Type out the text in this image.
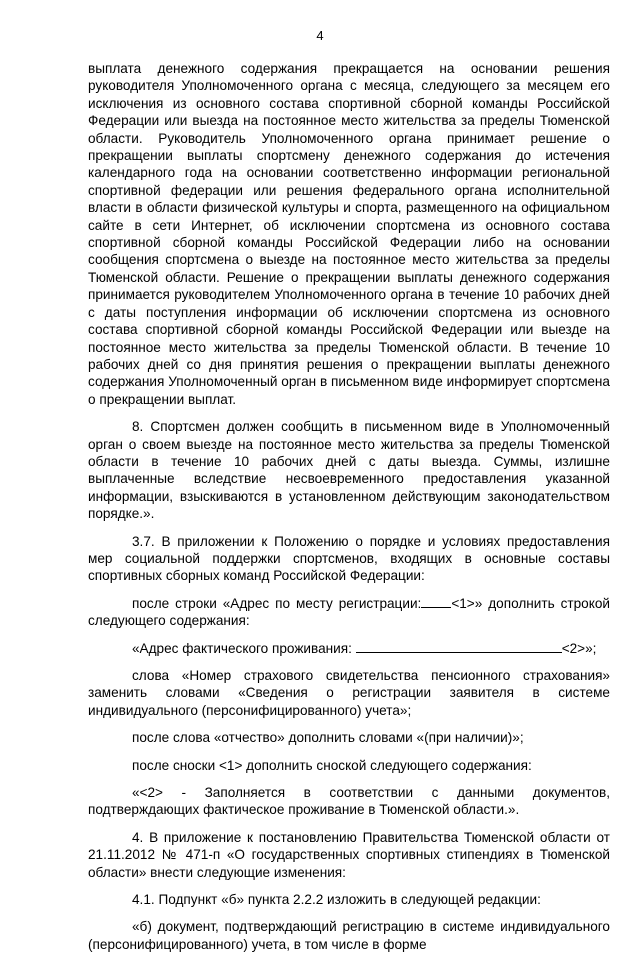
4

выплата денежного содержания прекращается на основании решения руководителя Уполномоченного органа с месяца, следующего за месяцем его исключения из основного состава спортивной сборной команды Российской Федерации или выезда на постоянное место жительства за пределы Тюменской области. Руководитель Уполномоченного органа принимает решение о прекращении выплаты спортсмену денежного содержания до истечения календарного года на основании соответственно информации региональной спортивной федерации или решения федерального органа исполнительной власти в области физической культуры и спорта, размещенного на официальном сайте в сети Интернет, об исключении спортсмена из основного состава спортивной сборной команды Российской Федерации либо на основании сообщения спортсмена о выезде на постоянное место жительства за пределы Тюменской области. Решение о прекращении выплаты денежного содержания принимается руководителем Уполномоченного органа в течение 10 рабочих дней с даты поступления информации об исключении спортсмена из основного состава спортивной сборной команды Российской Федерации или выезде на постоянное место жительства за пределы Тюменской области. В течение 10 рабочих дней со дня принятия решения о прекращении выплаты денежного содержания Уполномоченный орган в письменном виде информирует спортсмена о прекращении выплат.

8. Спортсмен должен сообщить в письменном виде в Уполномоченный орган о своем выезде на постоянное место жительства за пределы Тюменской области в течение 10 рабочих дней с даты выезда. Суммы, излишне выплаченные вследствие несвоевременного предоставления указанной информации, взыскиваются в установленном действующим законодательством порядке.».

3.7. В приложении к Положению о порядке и условиях предоставления мер социальной поддержки спортсменов, входящих в основные составы спортивных сборных команд Российской Федерации:

после строки «Адрес по месту регистрации: <1>» дополнить строкой следующего содержания:

«Адрес фактического проживания:	<2>»;

слова «Номер страхового свидетельства пенсионного страхования» заменить словами «Сведения о регистрации заявителя в системе индивидуального (персонифицированного) учета»;

после слова «отчество» дополнить словами «(при наличии)»;

после сноски <1> дополнить сноской следующего содержания:

«<2> - Заполняется в соответствии с данными документов, подтверждающих фактическое проживание в Тюменской области.».

4. В приложение к постановлению Правительства Тюменской области от 21.11.2012 № 471-п «О государственных спортивных стипендиях в Тюменской области» внести следующие изменения:

4.1. Подпункт «б» пункта 2.2.2 изложить в следующей редакции:

«б) документ, подтверждающий регистрацию в системе индивидуального (персонифицированного) учета, в том числе в форме
